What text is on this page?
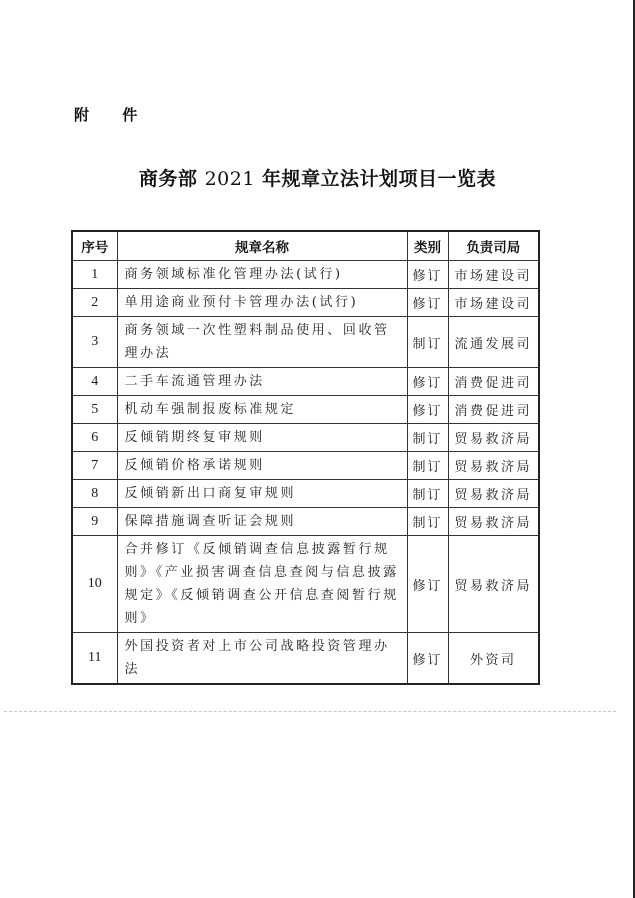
附 件
商务部 2021 年规章立法计划项目一览表
序号	规章名称	类别	负责司局
1	商务领域标准化管理办法(试行)	修订	市场建设司
2	单用途商业预付卡管理办法(试行)	修订	市场建设司
3	商务领域一次性塑料制品使用、回收管理办法	制订	流通发展司
4	二手车流通管理办法	修订	消费促进司
5	机动车强制报废标准规定	修订	消费促进司
6	反倾销期终复审规则	制订	贸易救济局
7	反倾销价格承诺规则	制订	贸易救济局
8	反倾销新出口商复审规则	制订	贸易救济局
9	保障措施调查听证会规则	制订	贸易救济局
10	合并修订《反倾销调查信息披露暂行规则》《产业损害调查信息查阅与信息披露规定》《反倾销调查公开信息查阅暂行规则》	修订	贸易救济局
11	外国投资者对上市公司战略投资管理办法	修订	外资司
